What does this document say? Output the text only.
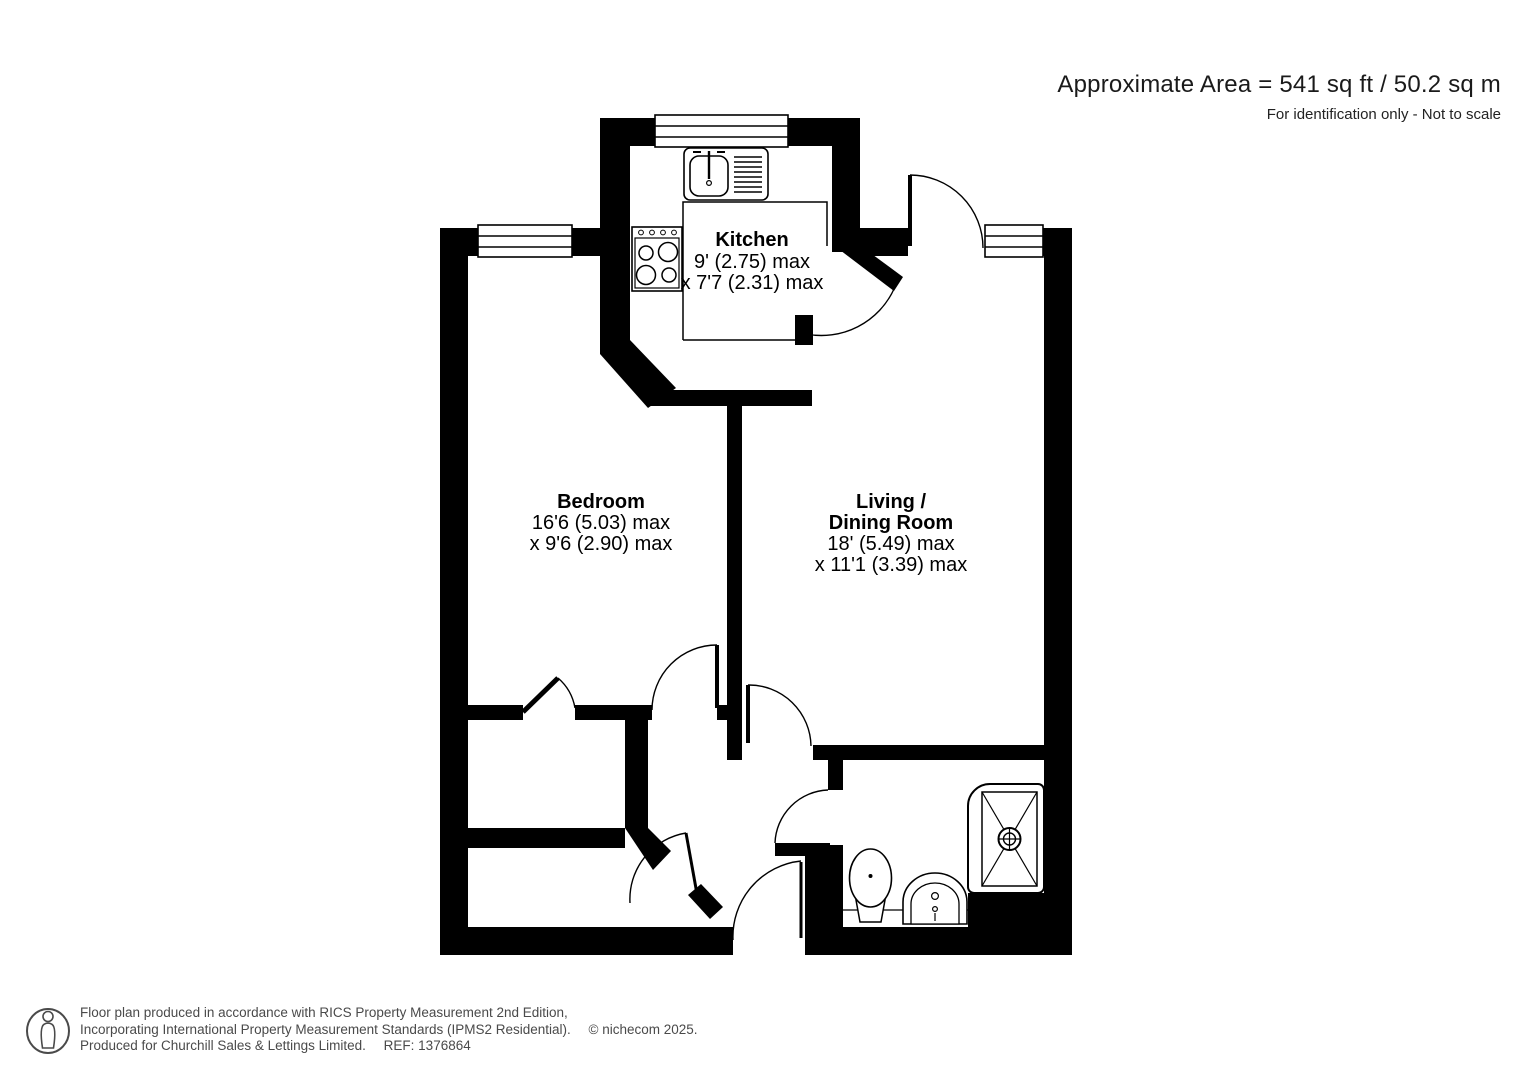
Approximate Area = 541 sq ft / 50.2 sq m
For identification only - Not to scale
Kitchen
9' (2.75) max
x 7'7 (2.31) max
Bedroom
16'6 (5.03) max
x 9'6 (2.90) max
Living /
Dining Room
18' (5.49) max
x 11'1 (3.39) max
Floor plan produced in accordance with RICS Property Measurement 2nd Edition,
Incorporating International Property Measurement Standards (IPMS2 Residential). © nichecom 2025.
Produced for Churchill Sales & Lettings Limited. REF: 1376864
